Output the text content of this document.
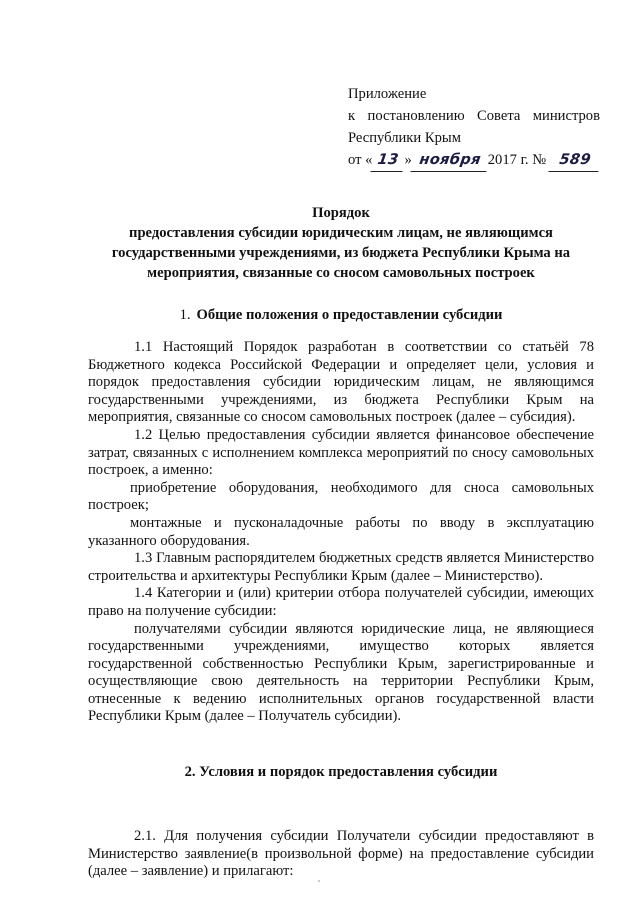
Приложение
к постановлению Совета министров
Республики Крым
от « 13 » ноября 2017 г. № 589
Порядок
предоставления субсидии юридическим лицам, не являющимся
государственными учреждениями, из бюджета Республики Крыма на
мероприятия, связанные со сносом самовольных построек
1. Общие положения о предоставлении субсидии

1.1 Настоящий Порядок разработан в соответствии со статьёй 78 Бюджетного кодекса Российской Федерации и определяет цели, условия и порядок предоставления субсидии юридическим лицам, не являющимся государственными учреждениями, из бюджета Республики Крым на мероприятия, связанные со сносом самовольных построек (далее – субсидия).

1.2 Целью предоставления субсидии является финансовое обеспечение затрат, связанных с исполнением комплекса мероприятий по сносу самовольных построек, а именно:

приобретение оборудования, необходимого для сноса самовольных построек;

монтажные и пусконаладочные работы по вводу в эксплуатацию указанного оборудования.

1.3 Главным распорядителем бюджетных средств является Министерство строительства и архитектуры Республики Крым (далее – Министерство).

1.4 Категории и (или) критерии отбора получателей субсидии, имеющих право на получение субсидии:

получателями субсидии являются юридические лица, не являющиеся государственными учреждениями, имущество которых является государственной собственностью Республики Крым, зарегистрированные и осуществляющие свою деятельность на территории Республики Крым, отнесенные к ведению исполнительных органов государственной власти Республики Крым (далее – Получатель субсидии).

2. Условия и порядок предоставления субсидии

2.1. Для получения субсидии Получатели субсидии предоставляют в Министерство заявление(в произвольной форме) на предоставление субсидии (далее – заявление) и прилагают:
